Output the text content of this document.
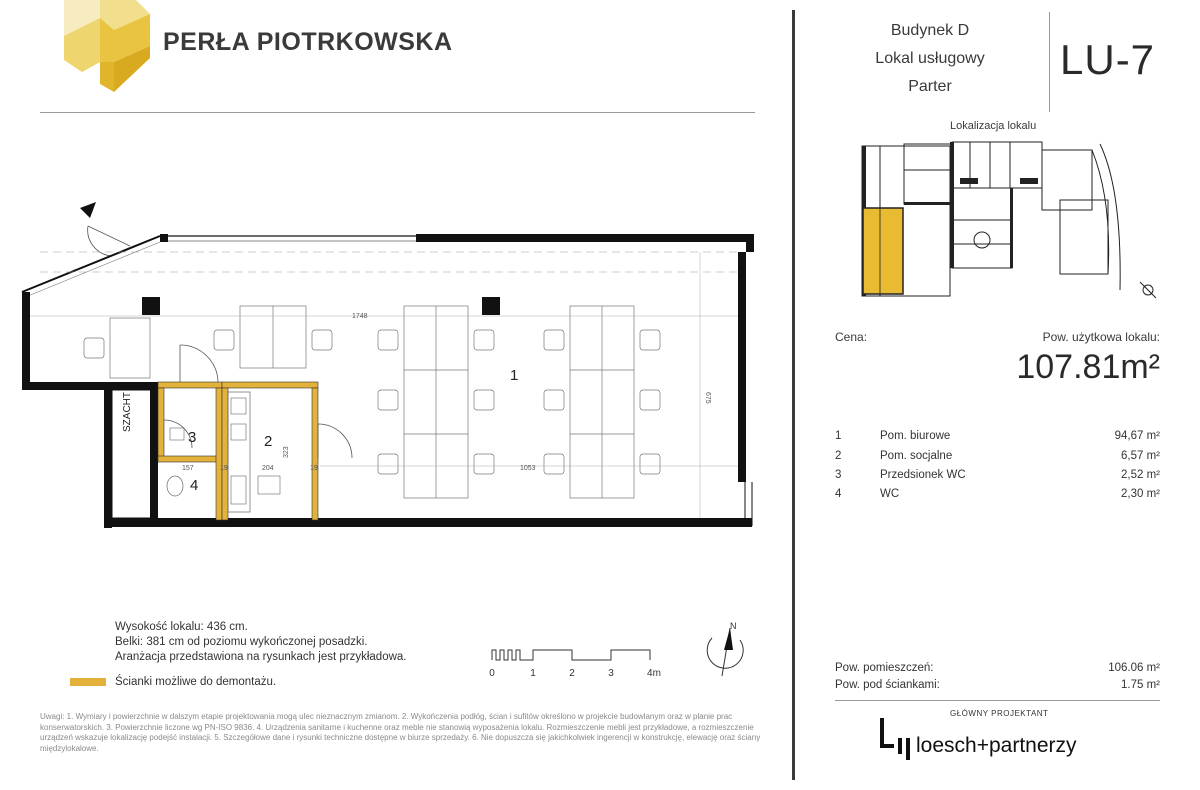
PERŁA PIOTRKOWSKA	Budynek D
Lokal usługowy
Parter
LU-7
Lokalizacja lokalu
Cena:	Pow. użytkowa lokalu:
107.81m²
1	Pom. biurowe	94,67 m²
2	Pom. socjalne	6,57 m²
3	Przedsionek WC	2,52 m²
4	WC	2,30 m²
Pow. pomieszczeń:	106.06 m²
Pow. pod ściankami:	1.75 m²
GŁÓWNY PROJEKTANT
loesch+partnerzy
Wysokość lokalu: 436 cm.
Belki: 381 cm od poziomu wykończonej posadzki.
Aranżacja przedstawiona na rysunkach jest przykładowa.
Ścianki możliwe do demontażu.
Uwagi: 1. Wymiary i powierzchnie w dalszym etapie projektowania mogą ulec nieznacznym zmianom. 2. Wykończenia podłóg, ścian i sufitów określono w projekcie budowlanym oraz w planie prac konserwatorskich. 3. Powierzchnie liczone wg PN-ISO 9836. 4. Urządzenia sanitarne i kuchenne oraz meble nie stanowią wyposażenia lokalu. Rozmieszczenie mebli jest przykładowe, a rozmieszczenie urządzeń wskazuje lokalizację podejść instalacji. 5. Szczegółowe dane i rysunki techniczne dostępne w biurze sprzedaży. 6. Nie dopuszcza się jakichkolwiek ingerencji w konstrukcję, elewację oraz ściany międzylokalowe.
0	1	2	3	4m
N
SZACHT
1748
157	19	204	19
323
1053
675
1
2
3
4
